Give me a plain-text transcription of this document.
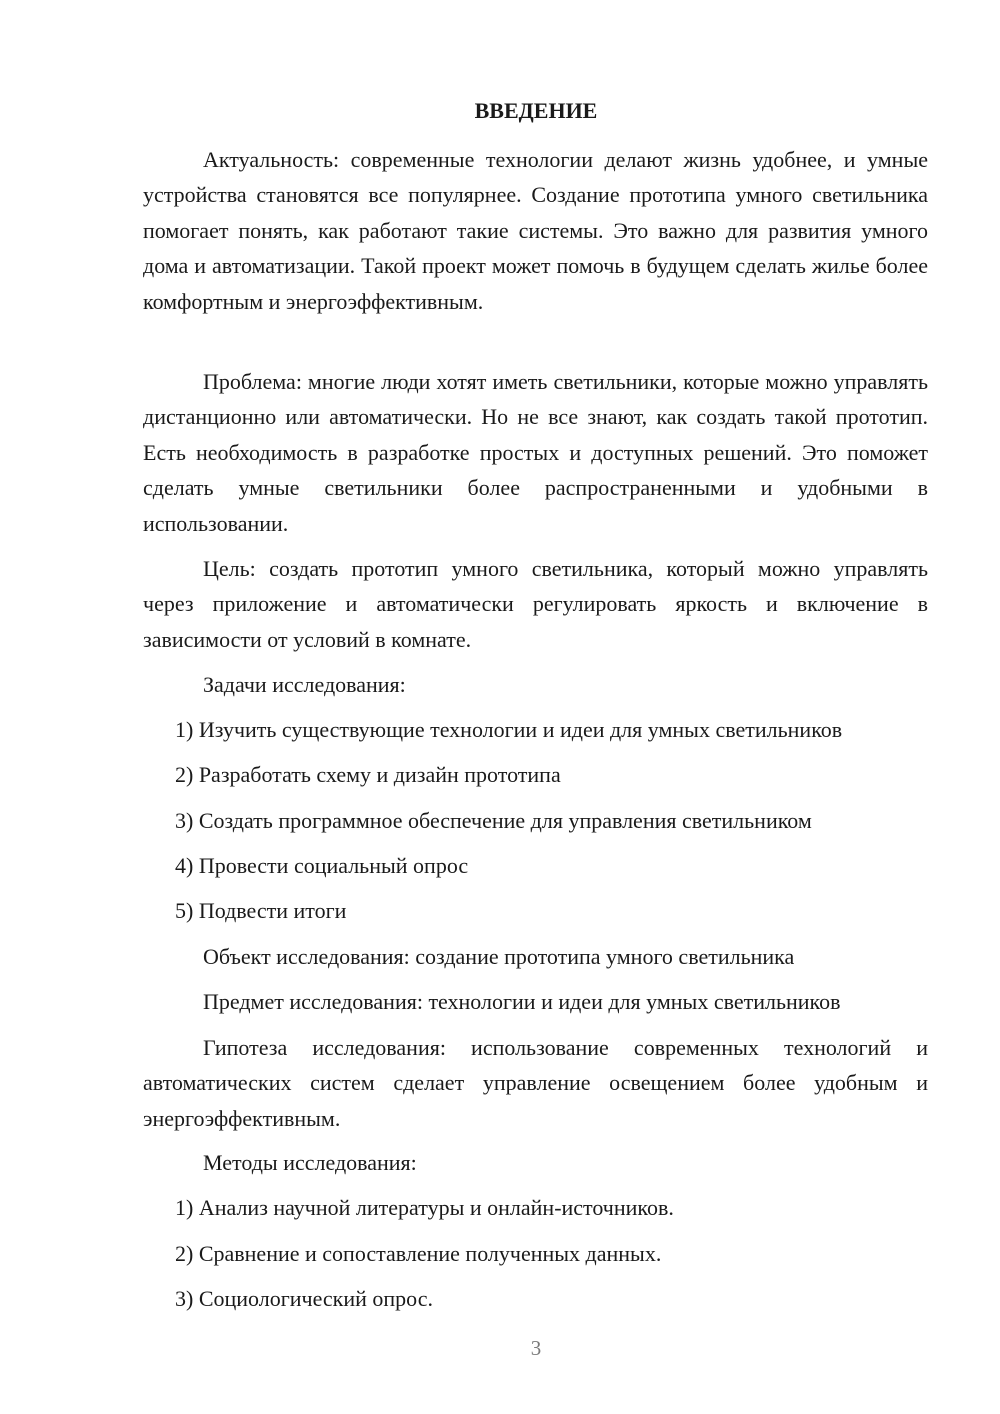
ВВЕДЕНИЕ

Актуальность: современные технологии делают жизнь удобнее, и умные устройства становятся все популярнее. Создание прототипа умного светильника помогает понять, как работают такие системы. Это важно для развития умного дома и автоматизации. Такой проект может помочь в будущем сделать жилье более комфортным и энергоэффективным.

Проблема: многие люди хотят иметь светильники, которые можно управлять дистанционно или автоматически. Но не все знают, как создать такой прототип. Есть необходимость в разработке простых и доступных решений. Это поможет сделать умные светильники более распространенными и удобными в использовании.

Цель: создать прототип умного светильника, который можно управлять через приложение и автоматически регулировать яркость и включение в зависимости от условий в комнате.

Задачи исследования:

1) Изучить существующие технологии и идеи для умных светильников

2) Разработать схему и дизайн прототипа

3) Создать программное обеспечение для управления светильником

4) Провести социальный опрос

5) Подвести итоги

Объект исследования: создание прототипа умного светильника

Предмет исследования: технологии и идеи для умных светильников

Гипотеза исследования: использование современных технологий и автоматических систем сделает управление освещением более удобным и энергоэффективным.

Методы исследования:

1) Анализ научной литературы и онлайн-источников.

2) Сравнение и сопоставление полученных данных.

3) Социологический опрос.

3
